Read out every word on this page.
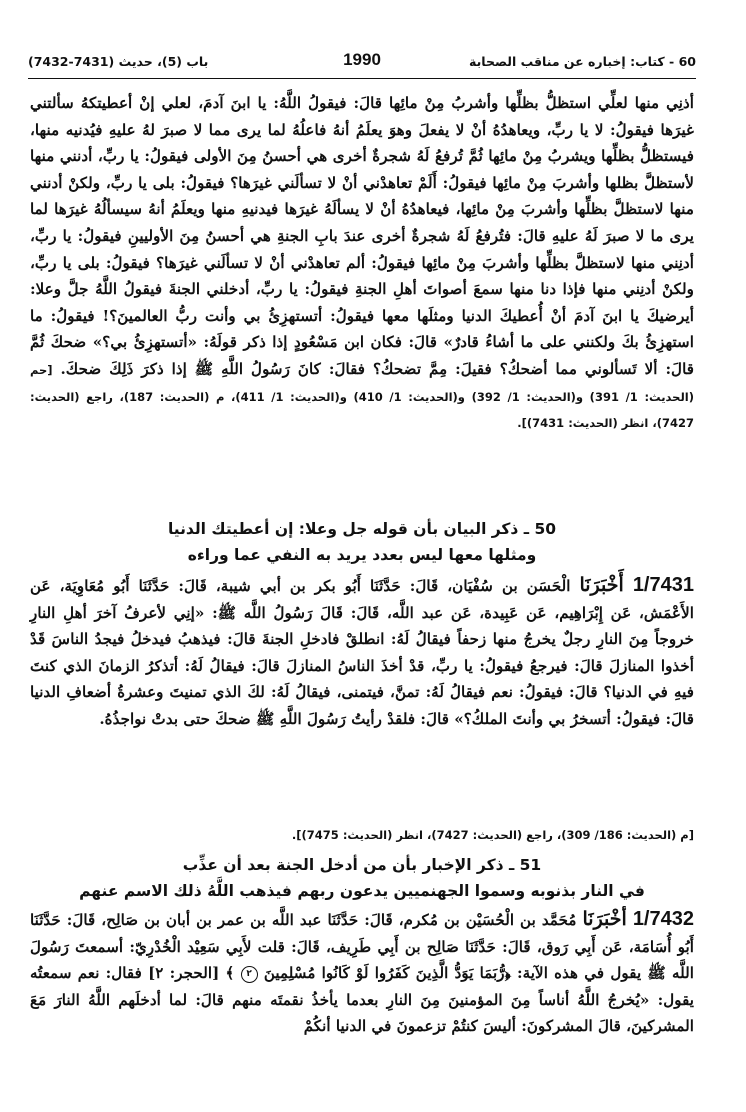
60 - كتاب: إخباره عن مناقب الصحابة
1990
باب (5)، حديث (7431-7432)

أذنِي منها لعلِّي استظلُّ بظلِّها وأشربُ مِنْ مائِها قالَ: فيقولُ اللَّهُ: يا ابنَ آدمَ، لعلي إنْ أعطيتكهُ سألتني غيرَها فيقولُ: لا يا ربِّ، ويعاهدُهُ أنْ لا يفعلَ وهوَ يعلَمُ أنهُ فاعلُهُ لما يرى مما لا صبرَ لهُ عليهِ فيُدنيه منها، فيستظلُّ بظلِّها ويشربُ مِنْ مائِها ثُمَّ تُرفعُ لَهُ شجرةٌ أخرى هي أحسنُ مِنَ الأولى فيقولُ: يا ربِّ، أدنني منها لأستظلَّ بظلها وأشربَ مِنْ مائِها فيقولُ: أَلَمْ تعاهدْني أنْ لا تسألَني غيرَها؟ فيقولُ: بلى يا ربِّ، ولكنْ أدنني منها لاستظلَّ بظلِّها وأشربَ مِنْ مائِها، فيعاهدُهُ أنْ لا يسألَهُ غيرَها فيدنيهِ منها ويعلَمُ أنهُ سيسألُهُ غيرَها لما يرى ما لا صبرَ لَهُ عليهِ قالَ: فتُرفعُ لَهُ شجرةٌ أخرى عندَ بابِ الجنةِ هي أحسنُ مِنَ الأوليينِ فيقولُ: يا ربِّ، أدنِني منها لاستظلَّ بظلِّها وأشربَ مِنْ مائِها فيقولُ: ألم تعاهدْني أنْ لا تسألَني غيرَها؟ فيقولُ: بلى يا ربِّ، ولكنْ أدنِني منها فإذا دنا منها سمعَ أصواتَ أهلِ الجنةِ فيقولُ: يا ربِّ، أدخلني الجنةَ فيقولُ اللَّهُ جلَّ وعلا: أيرضيكَ يا ابنَ آدمَ أنْ أُعطيكَ الدنيا ومثلَها معها فيقولُ: أتستهزِئُ بي وأنت ربُّ العالمينَ؟! فيقولُ: ما استهزِئُ بكَ ولكنني على ما أشاءُ قادرٌ» قالَ: فكان ابن مَسْعُودٍ إذا ذكر قولَهُ: «أتستهزِئُ بي؟» ضحكَ ثُمَّ قالَ: ألا تَسألوني مما أضحكُ؟ فقيلَ: مِمَّ تضحكُ؟ فقالَ: كانَ رَسُولُ اللَّهِ ﷺ إذا ذكرَ ذَلِكَ ضحكَ. [حم (الحديث: 1/ 391) و(الحديث: 1/ 392) و(الحديث: 1/ 410) و(الحديث: 1/ 411)، م (الحديث: 187)، راجع (الحديث: 7427)، انظر (الحديث: 7431)].

50 ـ ذكر البيان بأن قوله جل وعلا: إن أعطيتك الدنيا

ومثلها معها ليس بعدد يريد به النفي عما وراءه

1/7431 أَخْبَرَنَا الْحَسَن بن سُفْيَان، قَالَ: حَدَّثَنَا أَبُو بكر بن أبي شيبة، قَالَ: حَدَّثَنَا أَبُو مُعَاوِيَة، عَن الأَعْمَش، عَن إِبْرَاهِيم، عَن عَبِيدة، عَن عبد اللَّه، قَالَ: قَالَ رَسُولُ اللَّه ﷺ: «إنِي لأعرفُ آخرَ أهلِ النارِ خروجاً مِنَ النارِ رجلٌ يخرجُ منها زحفاً فيقالُ لَهُ: انطلقْ فادخلِ الجنةَ قالَ: فيذهبُ فيدخلُ فيجدُ الناسَ قَدْ أخذوا المنازلَ قالَ: فيرجعُ فيقولُ: يا ربِّ، قدْ أخذَ الناسُ المنازلَ قالَ: فيقالُ لَهُ: أتذكرُ الزمانَ الذي كنتَ فيهِ في الدنيا؟ قالَ: فيقولُ: نعم فيقالُ لَهُ: تمنَّ، فيتمنى، فيقالُ لَهُ: لكَ الذي تمنيتَ وعشرةُ أضعافِ الدنيا قالَ: فيقولُ: أتسخرُ بي وأنتَ الملكُ؟» قالَ: فلقدْ رأيتُ رَسُولَ اللَّهِ ﷺ ضحكَ حتى بدتْ نواجذُهُ.

[م (الحديث: 186/ 309)، راجع (الحديث: 7427)، انظر (الحديث: 7475)].

51 ـ ذكر الإخبار بأن من أدخل الجنة بعد أن عذِّب

في النار بذنوبه وسموا الجهنميين يدعون ربهم فيذهب اللَّهُ ذلك الاسم عنهم

1/7432 أَخْبَرَنَا مُحَمَّد بن الْحُسَيْن بن مُكرم، قَالَ: حَدَّثَنَا عبد اللَّه بن عمر بن أبان بن صَالِح، قَالَ: حَدَّثَنَا أَبُو أُسَامَة، عَن أَبِي رَوق، قَالَ: حَدَّثَنَا صَالِح بن أَبِي طَرِيف، قَالَ: قلت لأَبِي سَعِيْد الْخُدْرِيّ: أسمعتَ رَسُولَ اللَّه ﷺ يقول في هذه الآية: ﴿رُّبَمَا يَوَدُّ الَّذِينَ كَفَرُوا لَوْ كَانُوا مُسْلِمِينَ ٢ ﴾ [الحجر: ٢] فقال: نعم سمعتُه يقول: «يُخرجُ اللَّهُ أناساً مِنَ المؤمنينَ مِنَ النارِ بعدما يأخذُ نقمتَه منهم قالَ: لما أدخلَهم اللَّهُ النارَ مَعَ المشركينَ، قالَ المشركونَ: أليسَ كنتُمْ تزعمونَ في الدنيا أنكُمْ
